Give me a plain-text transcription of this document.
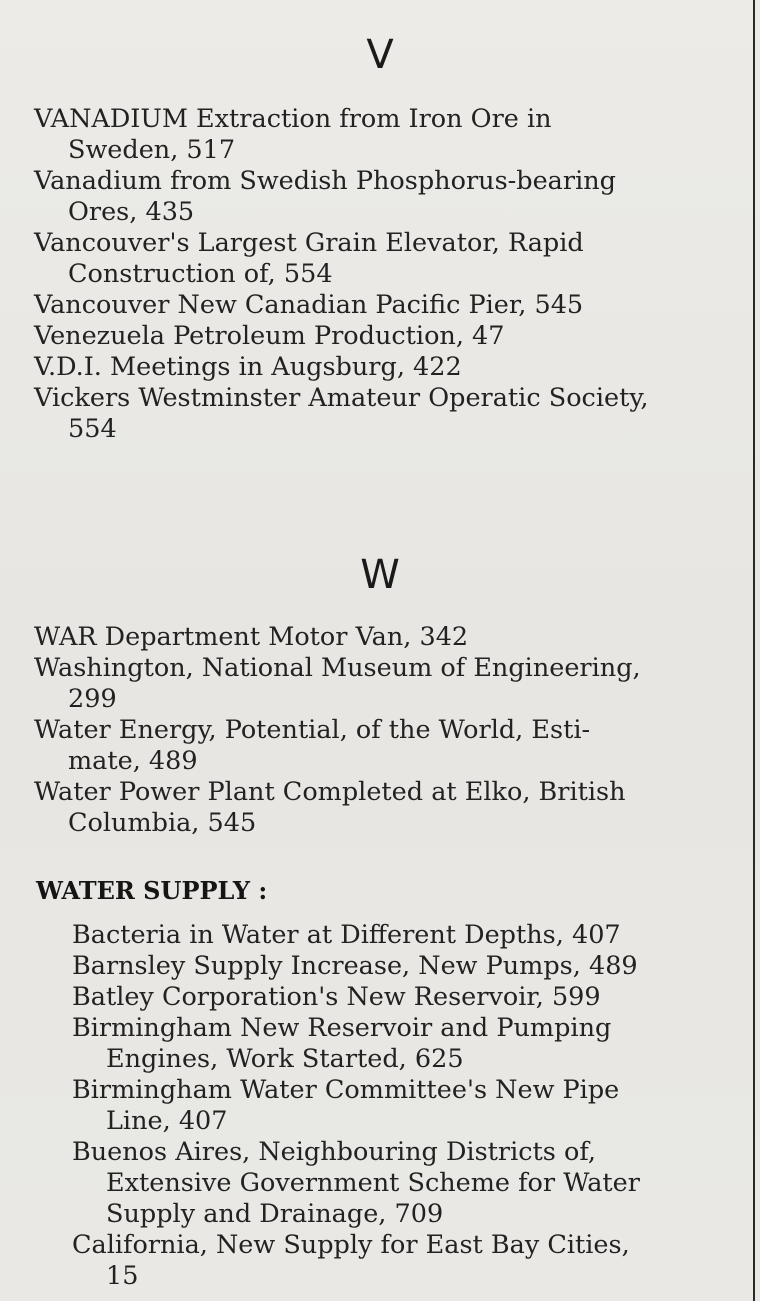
V
VANADIUM Extraction from Iron Ore in
Sweden, 517
Vanadium from Swedish Phosphorus-bearing
Ores, 435
Vancouver's Largest Grain Elevator, Rapid
Construction of, 554
Vancouver New Canadian Pacific Pier, 545
Venezuela Petroleum Production, 47
V.D.I. Meetings in Augsburg, 422
Vickers Westminster Amateur Operatic Society,
554
W
WAR Department Motor Van, 342
Washington, National Museum of Engineering,
299
Water Energy, Potential, of the World, Esti-
mate, 489
Water Power Plant Completed at Elko, British
Columbia, 545
WATER SUPPLY :
Bacteria in Water at Different Depths, 407
Barnsley Supply Increase, New Pumps, 489
Batley Corporation's New Reservoir, 599
Birmingham New Reservoir and Pumping
Engines, Work Started, 625
Birmingham Water Committee's New Pipe
Line, 407
Buenos Aires, Neighbouring Districts of,
Extensive Government Scheme for Water
Supply and Drainage, 709
California, New Supply for East Bay Cities,
15
